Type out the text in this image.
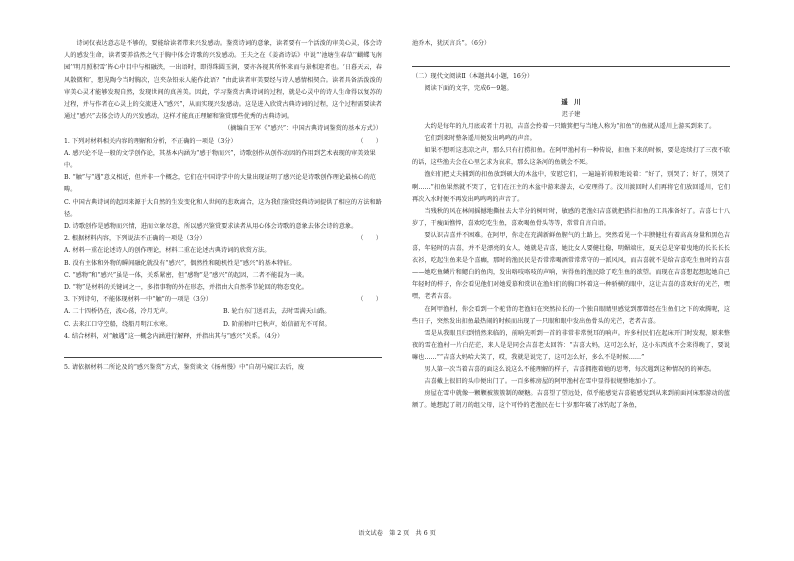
诗词仅表达意志是不够的，要能给读者带来兴发感动。鉴赏诗词的意象，读者要有一个活泼的审美心灵，体会诗人的感发生命，读者要养浩然之气于胸中体会诗歌的兴发感动。王夫之在《姜斋诗话》中说“‘池塘生春草’‘蝴蝶飞南园’‘明月照积雪’皆心中目中与相融浃，一出语时，即得珠圆玉润，要亦各视其所怀来而与景相迎者也。‘日暮天云，春风散微和’，想见陶令当时胸次，岂夹杂铅汞人能作此语？”由此读者审美要经与诗人感情相契合。读者具备活泼泼的审美心灵才能够发现自然，发现世间的真善美。因此，学习鉴赏古典诗词的过程，就是心灵中的诗人生命得以复苏的过程，并与作者在心灵上的交流进入“感兴”，从而实现兴发感动。这是进入欣赏古典诗词的过程，这个过程需要读者通过“感兴”去体会诗人的兴发感动，这样才能真正理解和鉴赏那些优秀的古典诗词。

（摘编自王军《“感兴”：中国古典诗词鉴赏的基本方式》）

1. 下列对材料相关内容的理解和分析，不正确的一项是（3分）	（　　）

A. 感兴论不是一般的文学创作论，其基本内涵为“感于物而兴”，诗歌创作从创作动因的作用到艺术表现的审美效果中。

B. “触”与“遇”意义相近，但并非一个概念，它们在中国诗学中的大量出现证明了感兴论是诗歌创作理论最核心的范畴。

C. 中国古典诗词的起因来源于大自然的生发变化和人世间的悲欢离合，这为我们鉴赏经典诗词提供了相应的方法和路径。

D. 诗歌创作是感物而兴情，进而立象尽意，所以感兴鉴赏要求读者从用心体会诗歌的意象去体会诗的意象。

2. 根据材料内容，下列说法不正确的一项是（3分）	（　　）

A. 材料一重在论述诗人的创作理论，材料二重在论述古典诗词的欣赏方法。

B. 没有主体和外物的瞬间融化就没有“感兴”，偶然性和随机性是“感兴”的基本特征。

C. “感物”和“感兴”虽是一体，关系紧密，但“感物”是“感兴”的起因，二者不能混为一谈。

D. “物”是材料的关键词之一，多指事物的外在形态，并指由大自然季节轮回的物态变化。

3. 下列诗句，不能体现材料一中“触”的一项是（3分）	（　　）

A. 二十四桥仍在，波心荡，冷月无声。	B. 轮台东门送君去，去时雪满天山路。

C. 去来江口守空船，绕船月明江水寒。	D. 阶前梧叶已秋声，始信韶光不可留。

4. 结合材料，对“触遇”这一概念内涵进行解释，并指出其与“感兴”关系。（4分）

5. 请依据材料二所论及的“感兴鉴赏”方式，鉴赏谈文《扬州慢》中“自胡马窥江去后，废

池乔木，犹厌言兵”。（6分）

（二）现代文阅读Ⅱ（本题共4小题，16分）

阅读下面的文字，完成6～9题。

遥　川

迟子建

大约是每年的九月底或者十月初，吉喜会拎着一只簸箕把与当地人称为“扣鱼”的鱼就从遥川上游买到来了。

它们到来时整条遥川便发出鸣鸣的声音。

如果不想听这悲凉之声，那么只有打捞扣鱼。在阿甲渔村有一种传说，扣鱼下来的时候，要是连续打了三夜不歇的话，这些渔夫会在心里乞求为哀求，那么这条河的鱼就会不死。

渔妇们把丈夫捕到的扣鱼放到硕大的木盆中，安慰它们，一遍遍祈祷般地说着：“好了，别哭了；好了，别哭了啊……”扣鱼果然就不哭了，它们在汪主的木盆中游来游去，心安理得了。汶川渡回时人们再将它们放回遥川，它们再次入水时便不再发出鸣鸣鸣的声音了。

当残秋的风在林间摇撼地撕扯去大半分的树叶时，敏感的老渔妇吉喜就把搭拦扣鱼的工具准备好了。吉喜七十八岁了，干瘦面憔悴，喜欢吃吃生鱼，喜欢喝鱼骨头等等，常常自言自语。

要认识吉喜并不困难。在阿甲，你走在充满新鲜鱼腥气的土路上，突然看见一个丰腴健壮有着高高身量和黑色吉喜，年轻时的吉喜，并不是漂亮的女人，她就是吉喜，她比女人要健壮稳，明媚端庄，夏天总是穿着曳地的长长长长衣衫，吃起生鱼来是个喜癫，那时的渔民民是否常常喝酒常常常守的一派风风，而吉喜就不是给吉喜吃生鱼时的吉喜——她吃鱼鳞片和鳃白的鱼肉，发出咯吱咯吱的声响，害得鱼的渔民除了吃生鱼的欲望。而现在吉喜想起想起她自己年轻时的样子，你会看见他们对她爱慕和赏识在渔妇们的胸口怀着这一种骄横的眼中，这让吉喜的喜欢好的光芒，嘿嘿，老者吉喜。

在阿甲渔村，你会看到一个驼背的老渔妇在突然拉长的一个独自眼睛里感觉到那曾经在生鱼们之下的欢腾呢，这些日子，突然发出扣鱼最热闹的时候而出现了一只眼和眼中发出鱼骨头的光芒，老者吉喜。

雪是从我眼且归到悄然来临的，前晌先听到一首的非常非常悦耳的响声。许多村民们在起床开门时发现，原来整夜的雪在渔村一片白茫茫，来人是是同会吉喜老太回答：“吉喜大妈，这可怎么好，这小东西真不会来得晚了，要说嘛也……”“吉喜大妈哈大笑了，哎，我就是说完了，这可怎么好，多么不是时候……”

男人第一次当着吉喜的面这么说这么不能理解的样子，吉喜拥抱着她的思考，每次遇到这种情况的的神态。

吉喜戴上很旧的头巾便出门了。一百多栋房屋的阿甲渔村在雪中显得很规整地加小了。

房屋在雪中就像一颗颗被簇簇制的硬糖。吉喜望了望远处，似乎能感觉吉喜能感觉到从来到前面河床那游动的蓝额了。她想起了胡刀的组父母，这个可怜的老渔民在七十岁那年破了冰钓起了条鱼，

语文试卷　第 2 页　共 6 页
